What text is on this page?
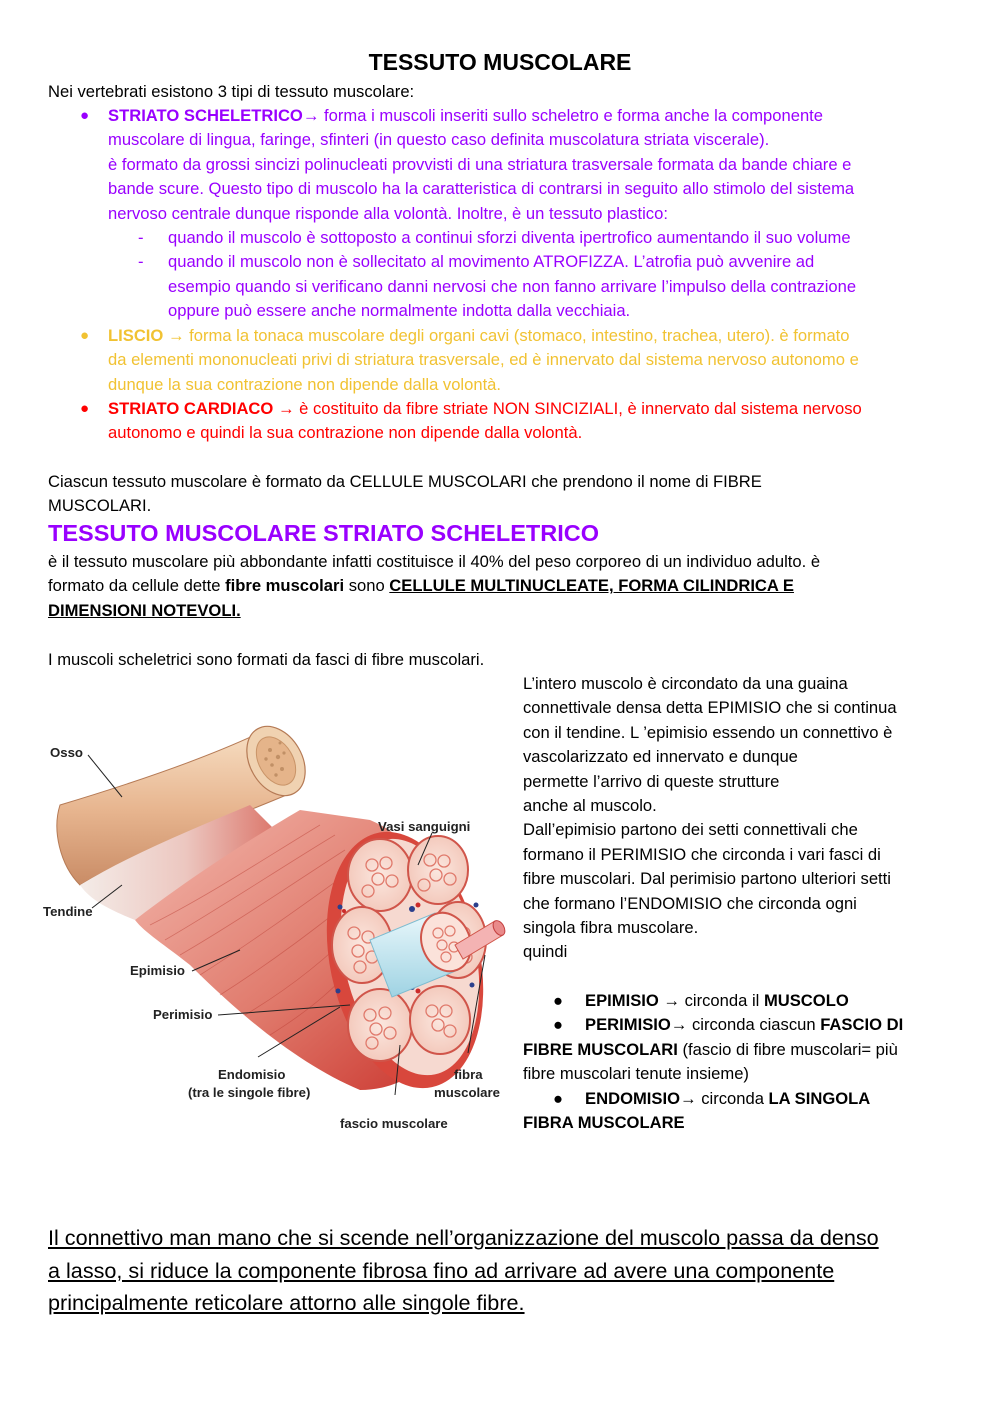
TESSUTO MUSCOLARE
Nei vertebrati esistono 3 tipi di tessuto muscolare:
● STRIATO SCHELETRICO→ forma i muscoli inseriti sullo scheletro e forma anche la componente
muscolare di lingua, faringe, sfinteri (in questo caso definita muscolatura striata viscerale).
è formato da grossi sincizi polinucleati provvisti di una striatura trasversale formata da bande chiare e
bande scure. Questo tipo di muscolo ha la caratteristica di contrarsi in seguito allo stimolo del sistema
nervoso centrale dunque risponde alla volontà. Inoltre, è un tessuto plastico:
- quando il muscolo è sottoposto a continui sforzi diventa ipertrofico aumentando il suo volume
- quando il muscolo non è sollecitato al movimento ATROFIZZA. L’atrofia può avvenire ad
esempio quando si verificano danni nervosi che non fanno arrivare l’impulso della contrazione
oppure può essere anche normalmente indotta dalla vecchiaia.
● LISCIO → forma la tonaca muscolare degli organi cavi (stomaco, intestino, trachea, utero). è formato
da elementi mononucleati privi di striatura trasversale, ed è innervato dal sistema nervoso autonomo e
dunque la sua contrazione non dipende dalla volontà.
● STRIATO CARDIACO → è costituito da fibre striate NON SINCIZIALI, è innervato dal sistema nervoso
autonomo e quindi la sua contrazione non dipende dalla volontà.
Ciascun tessuto muscolare è formato da CELLULE MUSCOLARI che prendono il nome di FIBRE
MUSCOLARI.
TESSUTO MUSCOLARE STRIATO SCHELETRICO
è il tessuto muscolare più abbondante infatti costituisce il 40% del peso corporeo di un individuo adulto. è
formato da cellule dette fibre muscolari sono CELLULE MULTINUCLEATE, FORMA CILINDRICA E
DIMENSIONI NOTEVOLI.
I muscoli scheletrici sono formati da fasci di fibre muscolari.
L’intero muscolo è circondato da una guaina
connettivale densa detta EPIMISIO che si continua
con il tendine. L ’epimisio essendo un connettivo è
vascolarizzato ed innervato e dunque
permette l’arrivo di queste strutture
anche al muscolo.
Dall’epimisio partono dei setti connettivali che
formano il PERIMISIO che circonda i vari fasci di
fibre muscolari. Dal perimisio partono ulteriori setti
che formano l’ENDOMISIO che circonda ogni
singola fibra muscolare.
quindi
● EPIMISIO → circonda il MUSCOLO
● PERIMISIO→ circonda ciascun FASCIO DI
FIBRE MUSCOLARI (fascio di fibre muscolari= più
fibre muscolari tenute insieme)
● ENDOMISIO→ circonda LA SINGOLA
FIBRA MUSCOLARE
Osso
Vasi sanguigni
Tendine
Epimisio
Perimisio
Endomisio
(tra le singole fibre)
fibra
muscolare
fascio muscolare
Il connettivo man mano che si scende nell’organizzazione del muscolo passa da denso
a lasso, si riduce la componente fibrosa fino ad arrivare ad avere una componente
principalmente reticolare attorno alle singole fibre.
